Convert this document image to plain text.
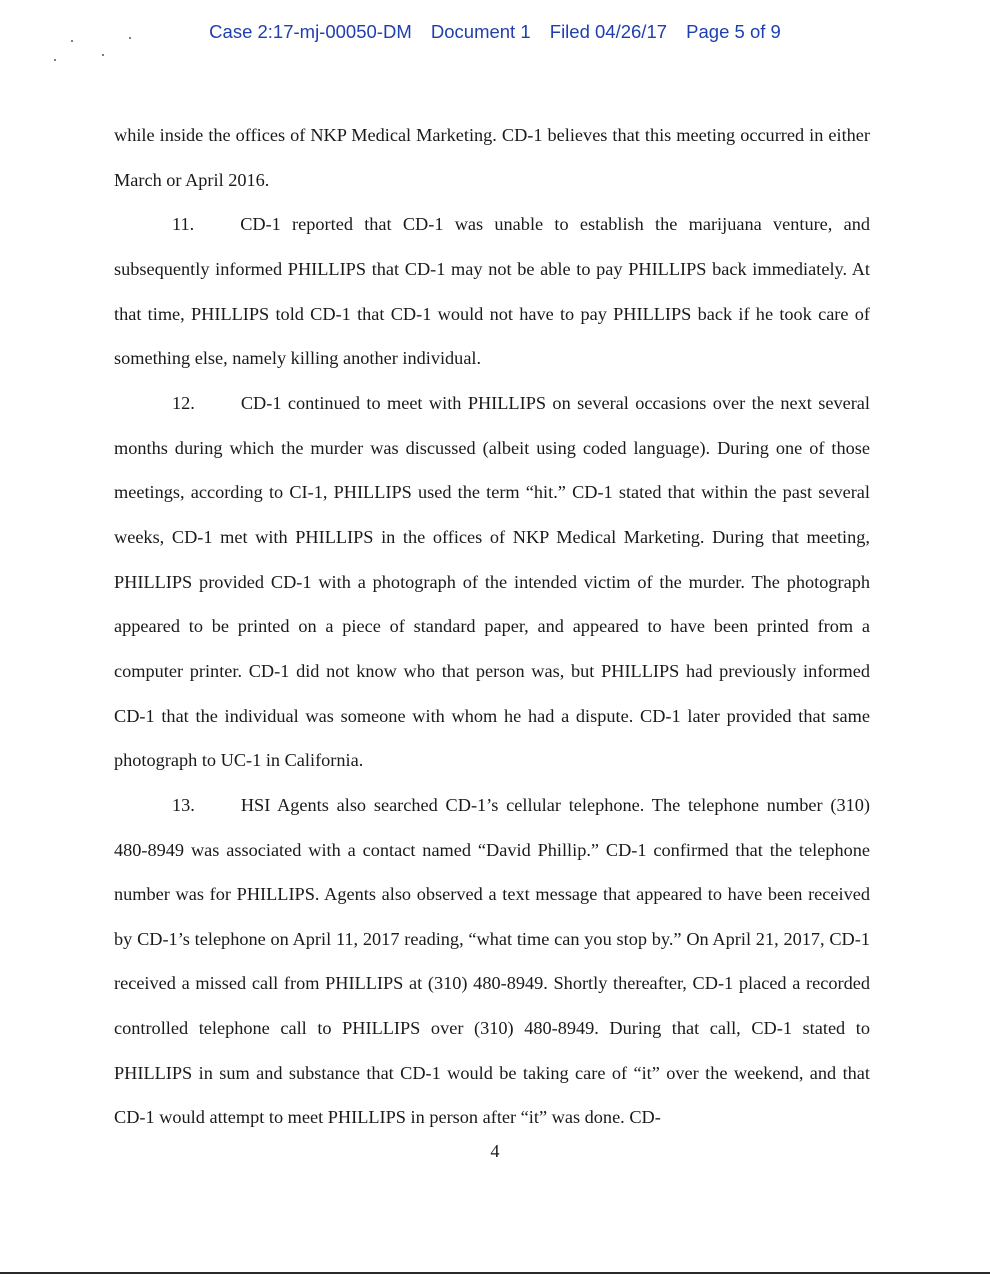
Case 2:17-mj-00050-DM Document 1 Filed 04/26/17 Page 5 of 9

while inside the offices of NKP Medical Marketing. CD-1 believes that this meeting occurred in either March or April 2016.

11.	CD-1 reported that CD-1 was unable to establish the marijuana venture, and subsequently informed PHILLIPS that CD-1 may not be able to pay PHILLIPS back immediately. At that time, PHILLIPS told CD-1 that CD-1 would not have to pay PHILLIPS back if he took care of something else, namely killing another individual.

12.	CD-1 continued to meet with PHILLIPS on several occasions over the next several months during which the murder was discussed (albeit using coded language). During one of those meetings, according to CI-1, PHILLIPS used the term “hit.” CD-1 stated that within the past several weeks, CD-1 met with PHILLIPS in the offices of NKP Medical Marketing. During that meeting, PHILLIPS provided CD-1 with a photograph of the intended victim of the murder. The photograph appeared to be printed on a piece of standard paper, and appeared to have been printed from a computer printer. CD-1 did not know who that person was, but PHILLIPS had previously informed CD-1 that the individual was someone with whom he had a dispute. CD-1 later provided that same photograph to UC-1 in California.

13.	HSI Agents also searched CD-1’s cellular telephone. The telephone number (310) 480-8949 was associated with a contact named “David Phillip.” CD-1 confirmed that the telephone number was for PHILLIPS. Agents also observed a text message that appeared to have been received by CD-1’s telephone on April 11, 2017 reading, “what time can you stop by.” On April 21, 2017, CD-1 received a missed call from PHILLIPS at (310) 480-8949. Shortly thereafter, CD-1 placed a recorded controlled telephone call to PHILLIPS over (310) 480-8949. During that call, CD-1 stated to PHILLIPS in sum and substance that CD-1 would be taking care of “it” over the weekend, and that CD-1 would attempt to meet PHILLIPS in person after “it” was done. CD-

4
